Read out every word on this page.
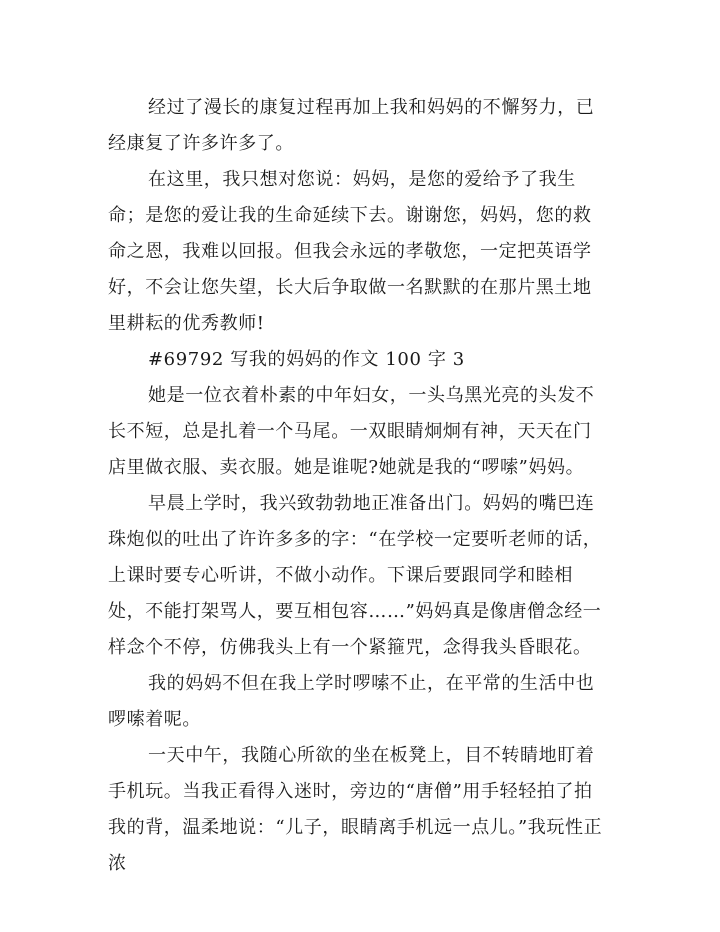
经过了漫长的康复过程再加上我和妈妈的不懈努力，已经康复了许多许多了。

在这里，我只想对您说：妈妈，是您的爱给予了我生命；是您的爱让我的生命延续下去。谢谢您，妈妈，您的救命之恩，我难以回报。但我会永远的孝敬您，一定把英语学好，不会让您失望，长大后争取做一名默默的在那片黑土地里耕耘的优秀教师!

#69792 写我的妈妈的作文 100 字 3

她是一位衣着朴素的中年妇女，一头乌黑光亮的头发不长不短，总是扎着一个马尾。一双眼睛炯炯有神，天天在门店里做衣服、卖衣服。她是谁呢?她就是我的“啰嗦”妈妈。

早晨上学时，我兴致勃勃地正准备出门。妈妈的嘴巴连珠炮似的吐出了许许多多的字：“在学校一定要听老师的话，上课时要专心听讲，不做小动作。下课后要跟同学和睦相处，不能打架骂人，要互相包容……”妈妈真是像唐僧念经一样念个不停，仿佛我头上有一个紧箍咒，念得我头昏眼花。

我的妈妈不但在我上学时啰嗦不止，在平常的生活中也啰嗦着呢。

一天中午，我随心所欲的坐在板凳上，目不转睛地盯着手机玩。当我正看得入迷时，旁边的“唐僧”用手轻轻拍了拍我的背，温柔地说：“儿子，眼睛离手机远一点儿。”我玩性正浓
